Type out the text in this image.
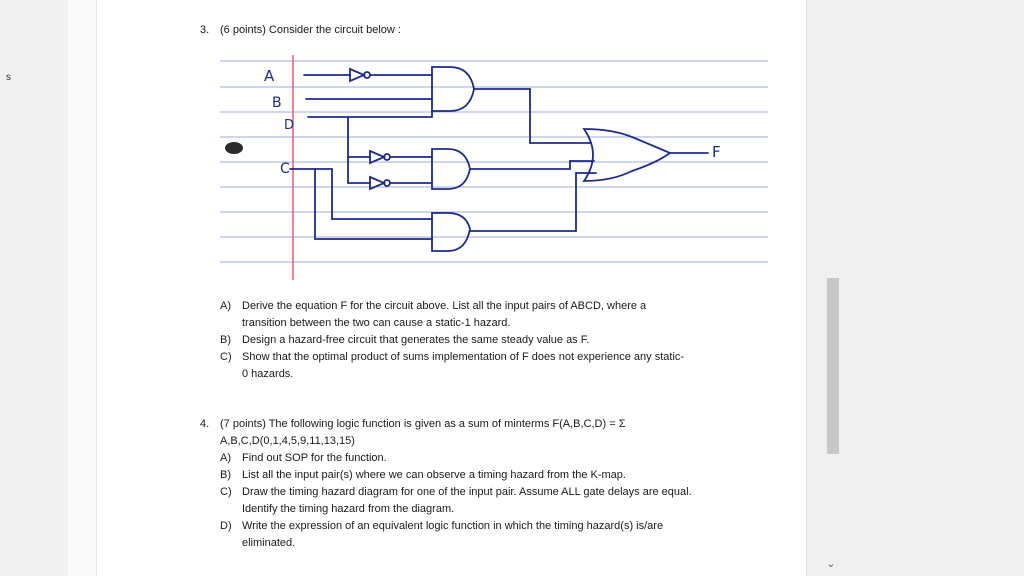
s
3. (6 points) Consider the circuit below :
A
B
D
C
F
A) Derive the equation F for the circuit above. List all the input pairs of ABCD, where a
transition between the two can cause a static-1 hazard.
B) Design a hazard-free circuit that generates the same steady value as F.
C) Show that the optimal product of sums implementation of F does not experience any static-
0 hazards.
4. (7 points) The following logic function is given as a sum of minterms F(A,B,C,D) = Σ
A,B,C,D(0,1,4,5,9,11,13,15)
A) Find out SOP for the function.
B) List all the input pair(s) where we can observe a timing hazard from the K-map.
C) Draw the timing hazard diagram for one of the input pair. Assume ALL gate delays are equal.
Identify the timing hazard from the diagram.
D) Write the expression of an equivalent logic function in which the timing hazard(s) is/are
eliminated.
⌄
